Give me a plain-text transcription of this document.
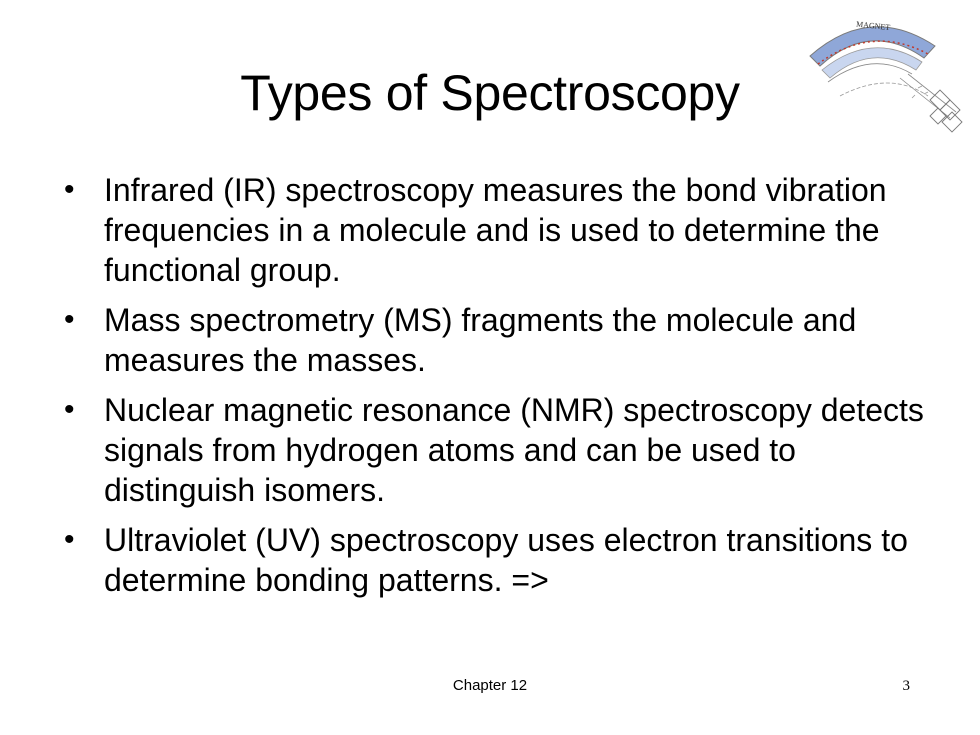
Types of Spectroscopy
MAGNET
• Infrared (IR) spectroscopy measures the bond vibration frequencies in a molecule and is used to determine the functional group.
• Mass spectrometry (MS) fragments the molecule and measures the masses.
• Nuclear magnetic resonance (NMR) spectroscopy detects signals from hydrogen atoms and can be used to distinguish isomers.
• Ultraviolet (UV) spectroscopy uses electron transitions to determine bonding patterns. =>
Chapter 12	3
